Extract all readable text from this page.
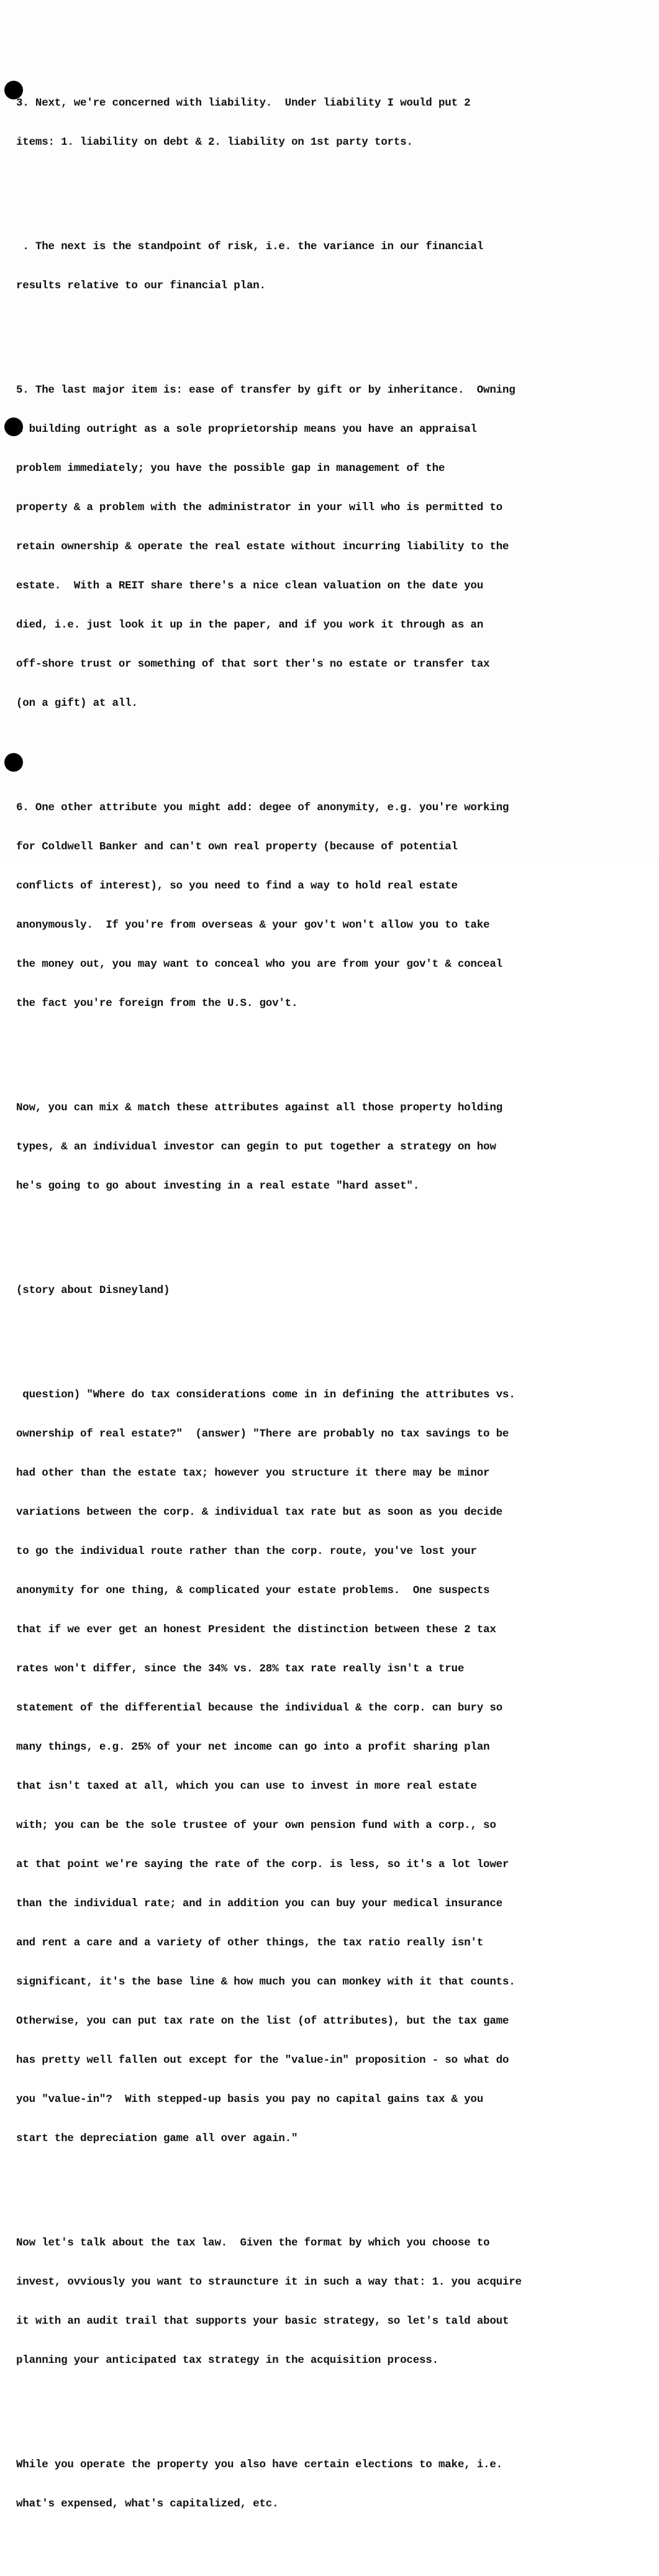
3. Next, we're concerned with liability.  Under liability I would put 2

items: 1. liability on debt & 2. liability on 1st party torts.

. The next is the standpoint of risk, i.e. the variance in our financial

results relative to our financial plan.

5. The last major item is: ease of transfer by gift or by inheritance.  Owning

a building outright as a sole proprietorship means you have an appraisal

problem immediately; you have the possible gap in management of the

property & a problem with the administrator in your will who is permitted to

retain ownership & operate the real estate without incurring liability to the

estate.  With a REIT share there's a nice clean valuation on the date you

died, i.e. just look it up in the paper, and if you work it through as an

off-shore trust or something of that sort ther's no estate or transfer tax

(on a gift) at all.

6. One other attribute you might add: degee of anonymity, e.g. you're working

for Coldwell Banker and can't own real property (because of potential

conflicts of interest), so you need to find a way to hold real estate

anonymously.  If you're from overseas & your gov't won't allow you to take

the money out, you may want to conceal who you are from your gov't & conceal

the fact you're foreign from the U.S. gov't.

Now, you can mix & match these attributes against all those property holding

types, & an individual investor can gegin to put together a strategy on how

he's going to go about investing in a real estate "hard asset".

(story about Disneyland)

question) "Where do tax considerations come in in defining the attributes vs.

ownership of real estate?"  (answer) "There are probably no tax savings to be

had other than the estate tax; however you structure it there may be minor

variations between the corp. & individual tax rate but as soon as you decide

to go the individual route rather than the corp. route, you've lost your

anonymity for one thing, & complicated your estate problems.  One suspects

that if we ever get an honest President the distinction between these 2 tax

rates won't differ, since the 34% vs. 28% tax rate really isn't a true

statement of the differential because the individual & the corp. can bury so

many things, e.g. 25% of your net income can go into a profit sharing plan

that isn't taxed at all, which you can use to invest in more real estate

with; you can be the sole trustee of your own pension fund with a corp., so

at that point we're saying the rate of the corp. is less, so it's a lot lower

than the individual rate; and in addition you can buy your medical insurance

and rent a care and a variety of other things, the tax ratio really isn't

significant, it's the base line & how much you can monkey with it that counts.

Otherwise, you can put tax rate on the list (of attributes), but the tax game

has pretty well fallen out except for the "value-in" proposition - so what do

you "value-in"?  With stepped-up basis you pay no capital gains tax & you

start the depreciation game all over again."

Now let's talk about the tax law.  Given the format by which you choose to

invest, ovviously you want to strauncture it in such a way that: 1. you acquire

it with an audit trail that supports your basic strategy, so let's tald about

planning your anticipated tax strategy in the acquisition process.

While you operate the property you also have certain elections to make, i.e.

what's expensed, what's capitalized, etc.
